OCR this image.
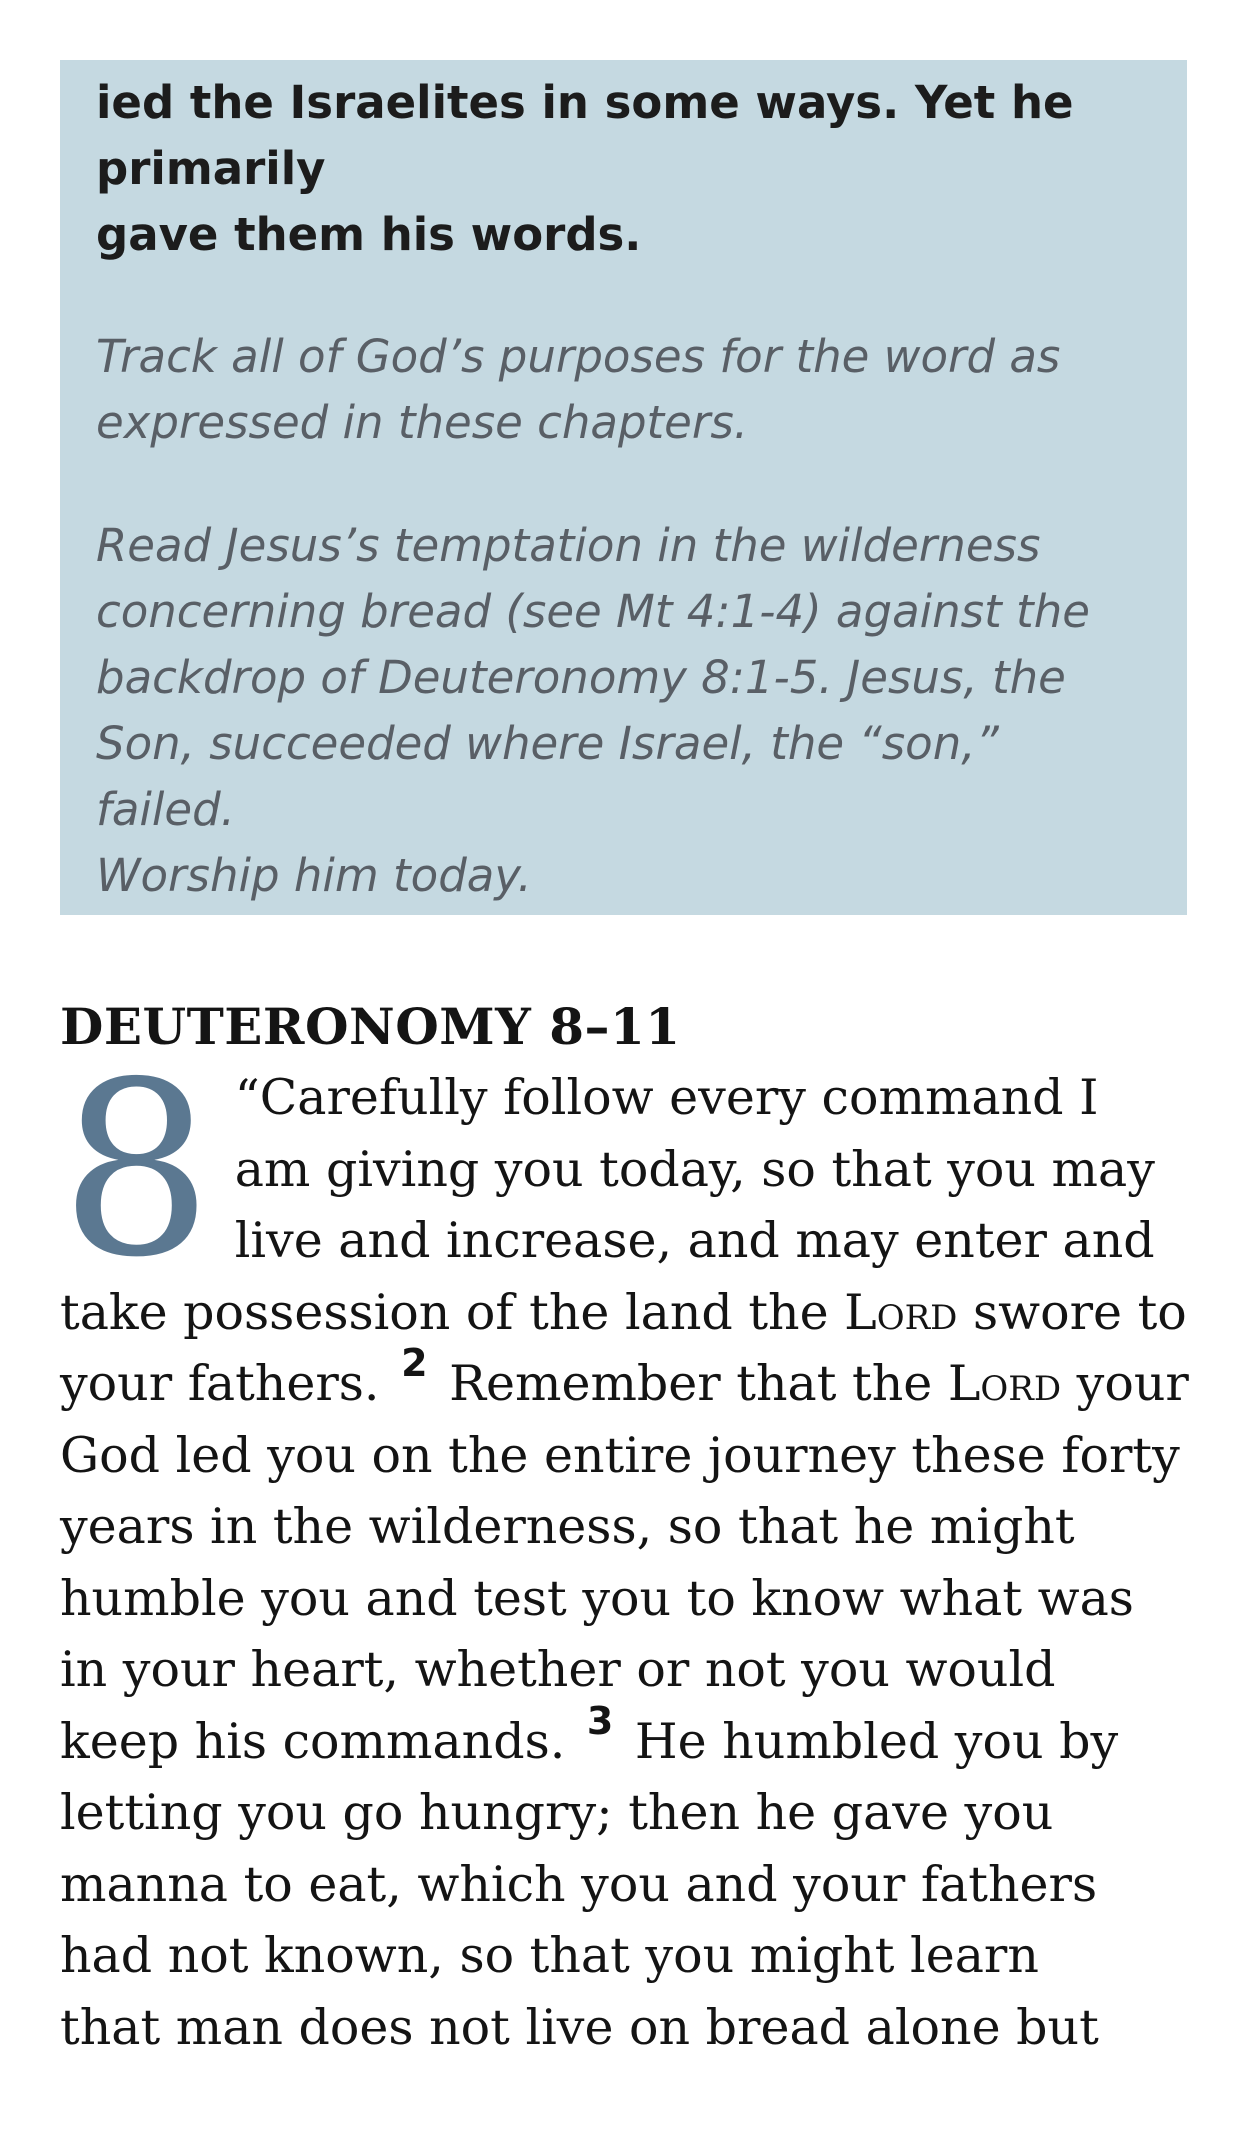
ied the Israelites in some ways. Yet he primarily
gave them his words.

Track all of God’s purposes for the word as
expressed in these chapters.

Read Jesus’s temptation in the wilderness
concerning bread (see Mt 4:1-4) against the
backdrop of Deuteronomy 8:1-5. Jesus, the
Son, succeeded where Israel, the “son,” failed.
Worship him today.

DEUTERONOMY 8–11
8 “Carefully follow every command I
am giving you today, so that you may
live and increase, and may enter and
take possession of the land the Lord swore to
your fathers. $^2$ Remember that the Lord your
God led you on the entire journey these forty
years in the wilderness, so that he might
humble you and test you to know what was
in your heart, whether or not you would
keep his commands. $^3$ He humbled you by
letting you go hungry; then he gave you
manna to eat, which you and your fathers
had not known, so that you might learn
that man does not live on bread alone but
